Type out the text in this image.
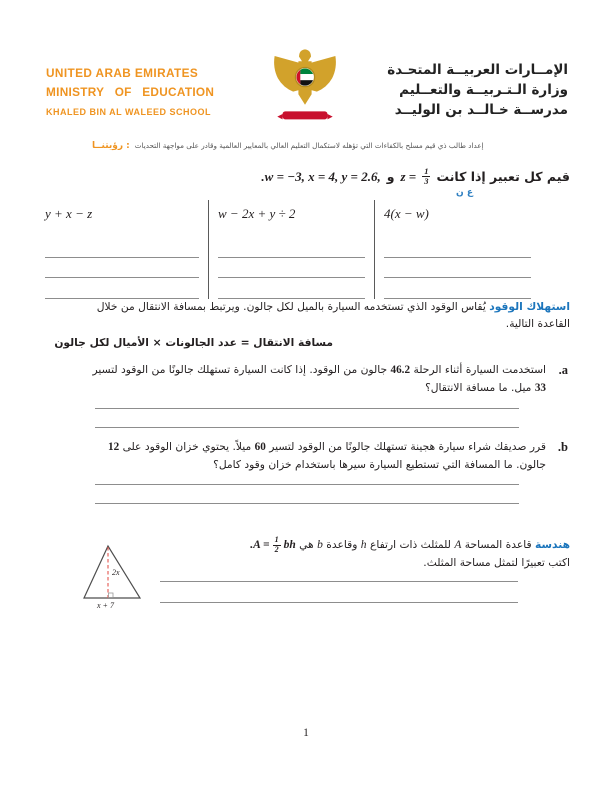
UNITED ARAB EMIRATES
MINISTRY OF EDUCATION
KHALED BIN AL WALEED SCHOOL
الإمــارات العربيــة المتحـدة
وزارة الـتـربيــة والتعــليم
مدرســة خـالــد بن الوليــد
رؤيتنــا : إعداد طالب ذي قيم مسلح بالكفاءات التي تؤهله لاستكمال التعليم العالي بالمعايير العالمية وقادر على مواجهة التحديات
.w = −3, x = 4, y = 2.6, و $z = \frac{1}{3}$ قيم كل تعبير إذا كانت
ع ن
y + x − z	w − 2x + y ÷ 2	4(x − w)
استهلاك الوقود يُقاس الوقود الذي تستخدمه السيارة بالميل لكل جالون. ويرتبط بمسافة الانتقال من خلال القاعدة التالية.
مسافة الانتقال = عدد الجالونات × الأميال لكل جالون
.a
استخدمت السيارة أثناء الرحلة 46.2 جالون من الوقود. إذا كانت السيارة تستهلك جالونًا من الوقود لتسير 33 ميل. ما مسافة الانتقال؟
.b
قرر صديقك شراء سيارة هجينة تستهلك جالونًا من الوقود لتسير 60 ميلاً. يحتوي خزان الوقود على 12 جالون. ما المسافة التي تستطيع السيارة سيرها باستخدام خزان وقود كامل؟
2x
x + 7
هندسة قاعدة المساحة A للمثلث ذات ارتفاع h وقاعدة b هي
$.A = \frac{1}{2}$ bh
اكتب تعبيرًا لتمثل مساحة المثلث.
1
